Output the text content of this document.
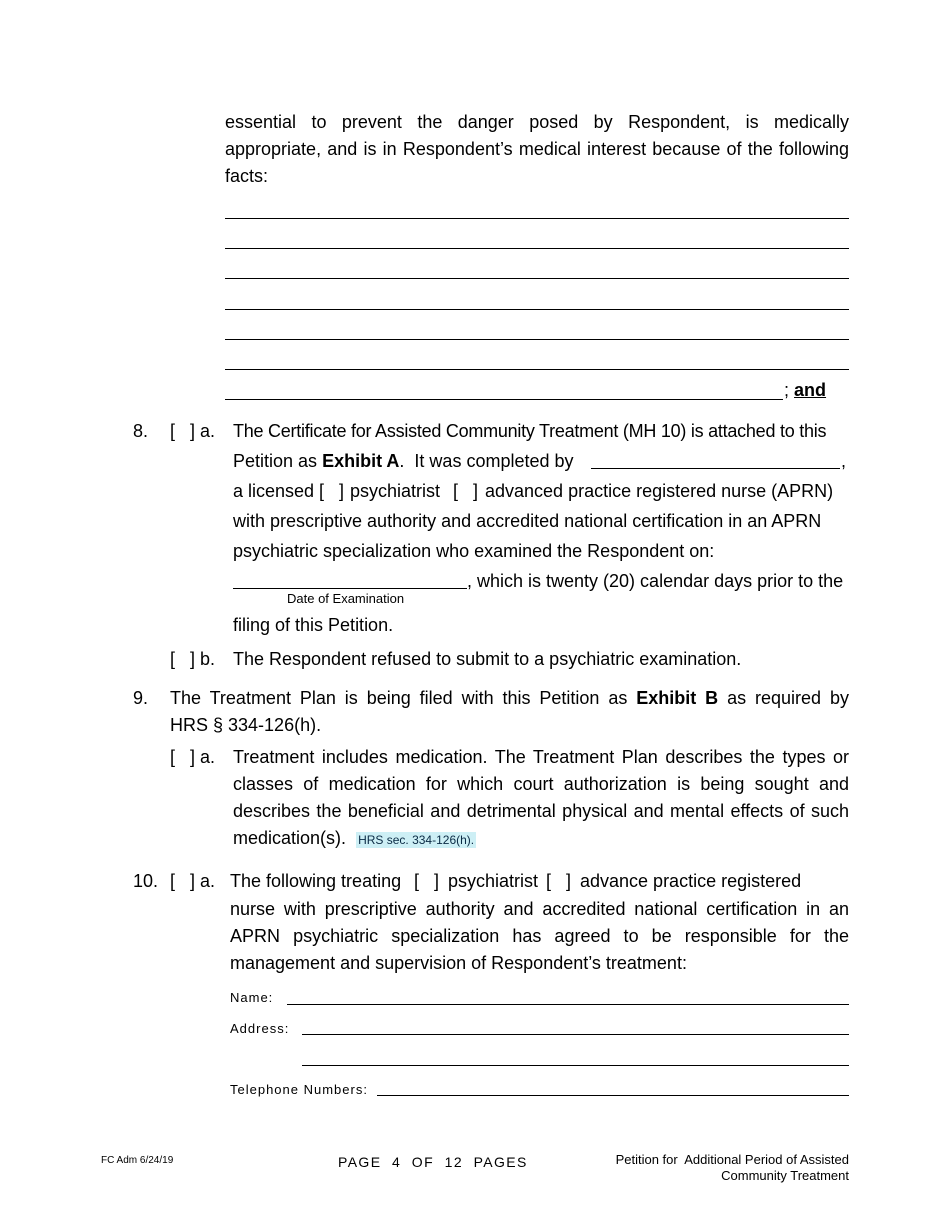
essential to prevent the danger posed by Respondent, is medically
appropriate, and is in Respondent’s medical interest because of the following
facts:
; and
8. [   ] a. The Certificate for Assisted Community Treatment (MH 10) is attached to this
Petition as Exhibit A.  It was completed by	,
a licensed [   ] psychiatrist [   ] advanced practice registered nurse (APRN)
with prescriptive authority and accredited national certification in an APRN
psychiatric specialization who examined the Respondent on:
, which is twenty (20) calendar days prior to the
Date of Examination
filing of this Petition.
[   ] b. The Respondent refused to submit to a psychiatric examination.
9. The Treatment Plan is being filed with this Petition as Exhibit B as required by
HRS § 334-126(h).
[   ] a. Treatment includes medication. The Treatment Plan describes the types or
classes of medication for which court authorization is being sought and
describes the beneficial and detrimental physical and mental effects of such
medication(s). HRS sec. 334-126(h).
10. [   ] a. The following treating [   ] psychiatrist [   ] advance practice registered
nurse with prescriptive authority and accredited national certification in an
APRN psychiatric specialization has agreed to be responsible for the
management and supervision of Respondent’s treatment:
Name:
Address:
Telephone Numbers:
FC Adm 6/24/19	PAGE  4  OF  12  PAGES	Petition for  Additional Period of Assisted
Community Treatment
